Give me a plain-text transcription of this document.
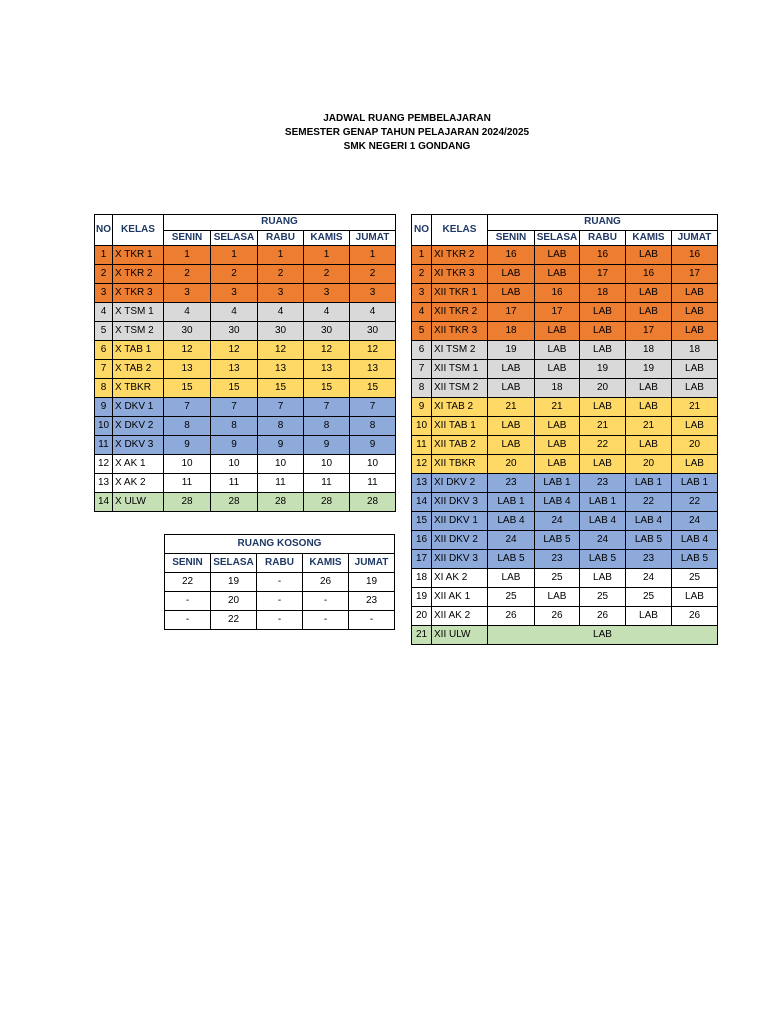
JADWAL RUANG PEMBELAJARAN
SEMESTER GENAP TAHUN PELAJARAN 2024/2025
SMK NEGERI 1 GONDANG
NO	KELAS	RUANG				
		SENIN	SELASA	RABU	KAMIS	JUMAT
1	X TKR 1	1	1	1	1	1
2	X TKR 2	2	2	2	2	2
3	X TKR 3	3	3	3	3	3
4	X TSM 1	4	4	4	4	4
5	X TSM 2	30	30	30	30	30
6	X TAB 1	12	12	12	12	12
7	X TAB 2	13	13	13	13	13
8	X TBKR	15	15	15	15	15
9	X DKV 1	7	7	7	7	7
10	X DKV 2	8	8	8	8	8
11	X DKV 3	9	9	9	9	9
12	X AK 1	10	10	10	10	10
13	X AK 2	11	11	11	11	11
14	X ULW	28	28	28	28	28
NO	KELAS	RUANG				
		SENIN	SELASA	RABU	KAMIS	JUMAT
1	XI TKR 2	16	LAB	16	LAB	16
2	XI TKR 3	LAB	LAB	17	16	17
3	XII TKR 1	LAB	16	18	LAB	LAB
4	XII TKR 2	17	17	LAB	LAB	LAB
5	XII TKR 3	18	LAB	LAB	17	LAB
6	XI TSM 2	19	LAB	LAB	18	18
7	XII TSM 1	LAB	LAB	19	19	LAB
8	XII TSM 2	LAB	18	20	LAB	LAB
9	XI TAB 2	21	21	LAB	LAB	21
10	XII TAB 1	LAB	LAB	21	21	LAB
11	XII TAB 2	LAB	LAB	22	LAB	20
12	XII TBKR	20	LAB	LAB	20	LAB
13	XI DKV 2	23	LAB 1	23	LAB 1	LAB 1
14	XII DKV 3	LAB 1	LAB 4	LAB 1	22	22
15	XII DKV 1	LAB 4	24	LAB 4	LAB 4	24
16	XII DKV 2	24	LAB 5	24	LAB 5	LAB 4
17	XII DKV 3	LAB 5	23	LAB 5	23	LAB 5
18	XI AK 2	LAB	25	LAB	24	25
19	XII AK 1	25	LAB	25	25	LAB
20	XII AK 2	26	26	26	LAB	26
21	XII ULW	LAB				
RUANG KOSONG				
SENIN	SELASA	RABU	KAMIS	JUMAT
22	19	-	26	19
-	20	-	-	23
-	22	-	-	-
